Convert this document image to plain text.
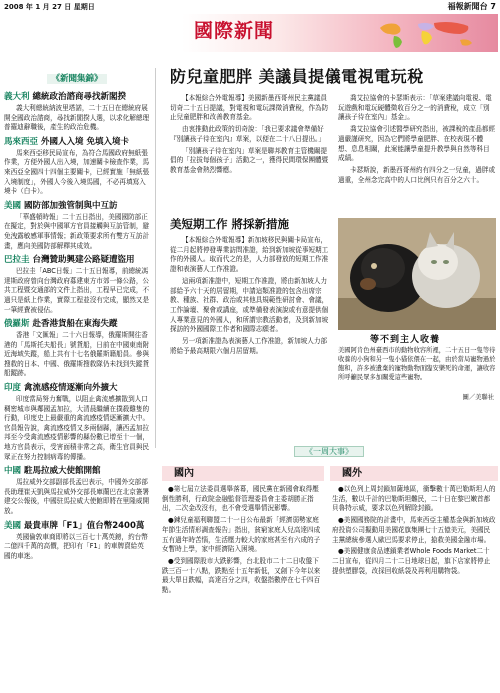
2008 年 1 月 27 日 星期日	福報新聞台 7
國際新聞
《新聞集錦》
義大利 總統政治諮商尋找新閣揆

義大利總統納波里塔諾，二十五日在總統府展開全國政治諮商，尋找新閣揆人選，以求化解總理普羅迪辭職後，產生的政治危機。

馬來西亞 外國人入境 免填入境卡

馬來西亞移民局宣布，為符合馬國政府無紙張作業，方便外國人出入境，加速關卡檢查作業，馬來西亞全國四十四個主要關卡，已經實施「無紙張入境制度」，外國人今後入境馬國，不必再填寫入境卡（白卡）。

美國 國防部加強管制與中互訪

「華盛頓時報」二十五日指出，美國國防部正在擬定，對於與中國軍方官員接觸與互訪管制，避免洩露敏感軍事情報；新政策要求所有雙方互訪計畫，應向美國防部解釋其成效。

巴拉圭 台灣贊助興建公路疑遭盜用

巴拉圭「ABC日報」二十五日報導，前總統馮達斯政府曾向台灣政府募建東方市郊一條公路，公共工程暨交通部的文件上指出，工程早已完成，不過只是紙上作業，實際工程並沒有完成，顯然又是一筆經費被侵佔。

俄羅斯 赴香港貨船在東海失蹤

香港「文匯報」二十六日報導，俄羅斯開往香港的「馬斯托夫船長」號貨船，日前在中國東南附近海域失蹤，船上共有十七名俄羅斯籍船員。參與搜救的日本、中國、俄羅斯搜救隊仍未找到失蹤貨船蹤跡。

印度 禽流感疫情逐漸向外擴大

印度當局努力奮戰，以阻止禽流感擴散到人口稠密城市與鄰國孟加拉，大清晨繼續在撲殺雞隻的行動，印度史上最嚴重的禽流感疫情逐漸擴大中。官員報告說，禽流感疫情又多兩個縣，讓西孟加拉邦至今受禽流感疫情影響的縣份數已增至十一個，地方官員表示，受害面積非常之高，衛生官員與民眾正在努力控制病毒的傳播。

中國 駐馬拉威大使館開館

馬拉威外交部副部長孟巴表示，中國外交部部長助理崔天凱與馬拉威外交部長庫蘭巴在北京簽署建交公報後，中國驻馬拉威大使館即將在里隆威開放。

美國 最貴車牌「F1」值台幣2400萬

英國倫敦車商即將以三百七十萬英鎊，約台幣二億四千萬的高價，把印有「F1」的車牌賣給英國的車迷。

防兒童肥胖 美議員提儀電視電玩稅

【本報綜合外電報導】美國新墨西哥州民主黨議員切奇二十五日提議，對電視和電玩課徵消費稅，作為防止兒童肥胖和改善教育基金。

由衷推動此政策的切奇說：「我已要求議會準備好『別讓孩子待在室內』草案，以便在二十八日提出。」

「別讓孩子待在室內」草案是聯邦教育主管機關提倡的「拉拔每個孩子」活動之一，獲得民間環保團體暨教育基金會熱烈響應。

喬艾拉協會的卡瑟斯表示：「草案建議向電視、電玩遊戲和電玩硬體徵收百分之一的消費稅，成立「別讓孩子待在室內」基金」。

喬艾拉協會引述醫學研究指出，被課稅的產品都經過嚴謹研究，因為它們將學童肥胖、在校表現不體想、息息相關，此案能讓學童提升教學與自然等科目成績。

卡瑟斯說，新墨西哥州約有四分之一兒童，過胖或過重，全州念完高中的人口比例只有百分之六十。

美短期工作 將採新措施

【本報綜合外電報導】新加坡移民與關卡局宣布，從二月起將停發專業訪問准證，給到新加坡從事短期工作的外國人。取而代之的是，人力部發放的短期工作准證和表演藝人工作准證。

這兩項新准證中，短期工作准證，將由新加坡人力部給予六十天的居留期，申請這類准證的包含出席宗教、種族、社群、政治或其他具規範性研討會、會議，工作論壇、聚會或講座，或準備發表演說或有意提供個人專業意見的外國人，和所謂宗教活動者，及到新加坡探訪的外國國際工作者和國際志願者。

另一項新准證為表演藝人工作准證，新加坡人力部將給予最高期限六個月居留期。

等不到主人收養
美國阿肯色州臺西市的動物收容所裡，二十五日一隻等待收養的小狗和另一隻小貓依偎在一起，由於當局寵物過於飽和，許多被遺棄的寵物動物面臨安樂死的命運，讓收容所呼籲民眾多加關愛這些寵物。
圖／美聯社
《一周大事》
國內	國外

●第七屆立法委員選舉落幕，國民黨在新國會取得壓倒性勝利，行政院金融監督管理委員會主委胡勝正指出，二次金改沒有，也不會受選舉情況影響。

●鍊兒童福利聯盟二十一日公布最新「經濟弱勢家庭年節生活情形調查報告」指出，貧窮家庭人兒高達四成五有過年時苦惱，生活壓力較大的家庭甚至有六成的子女暫時上學，家中經濟陷入困境。

●受到國際股市大跌影響，台北股市二十二日收盤下跌三百一十八點，跌點至十五年新低，又創下今年以來最大單日跌幅，高達百分之四，收盤指數停在七千四百點。

●以色列上周封鎖加薩地區，衝擊數十萬巴勒斯坦人的生活，數以千計的巴勒斯坦難民，二十日在黎巴嫩首都貝魯特示威，要求以色列解除封鎖。

●美國國務院的計畫中，馬來西亞主權基金與新加坡政府投資公司擬動用美國花旗集團七十五億美元，美國民主黨總統參選人歐巴馬要求停止，搶救美國金融市場。

●美國健康食品連鎖業者Whole Foods Market二十二日宣布，從四月二十二日地球日起，旗下店家將停止提供塑膠袋，改採回收紙袋及再利用購物袋。
